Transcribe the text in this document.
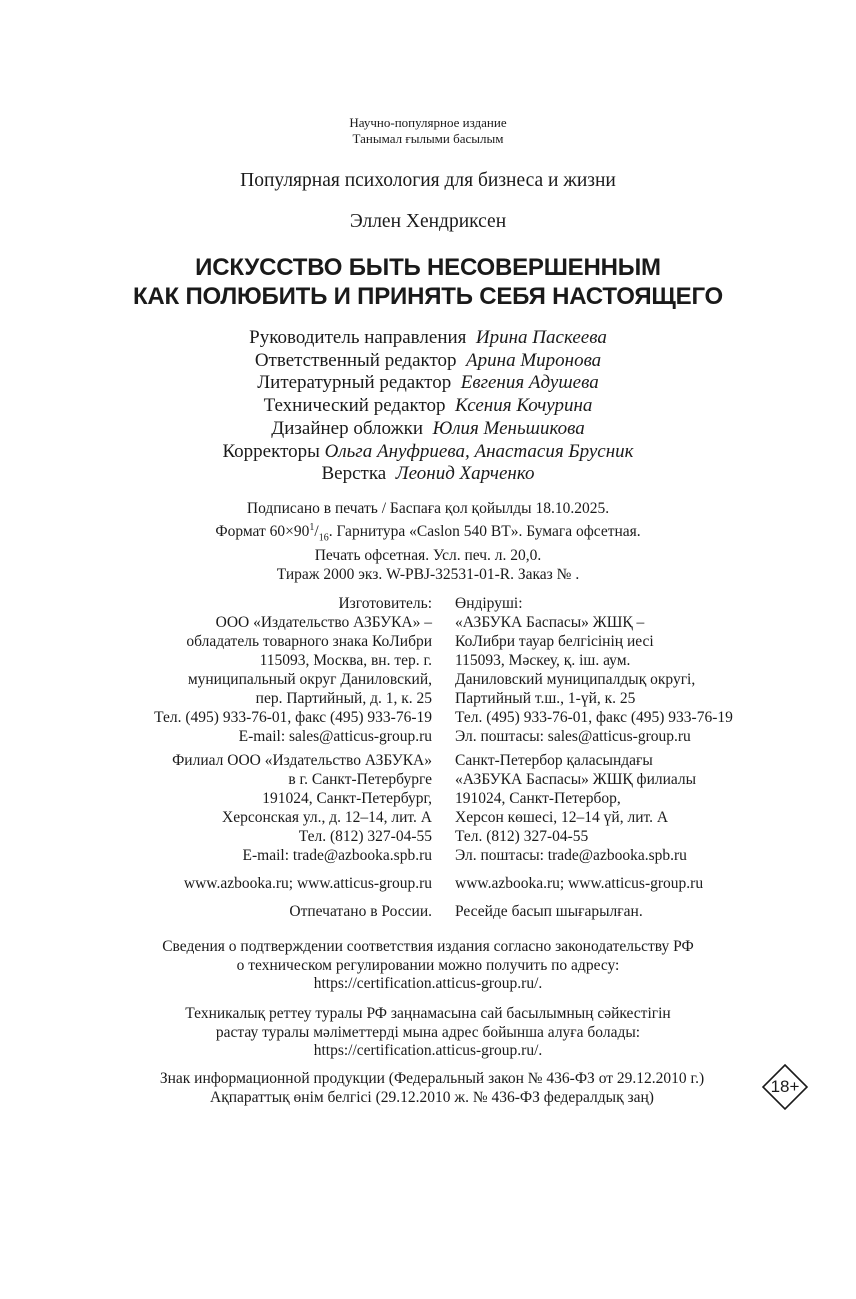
Научно-популярное издание
Танымал ғылыми басылым
Популярная психология для бизнеса и жизни
Эллен Хендриксен
ИСКУССТВО БЫТЬ НЕСОВЕРШЕННЫМ
КАК ПОЛЮБИТЬ И ПРИНЯТЬ СЕБЯ НАСТОЯЩЕГО
Руководитель направления Ирина Паскеева
Ответственный редактор Арина Миронова
Литературный редактор Евгения Адушева
Технический редактор Ксения Кочурина
Дизайнер обложки Юлия Меньшикова
Корректоры Ольга Ануфриева, Анастасия Брусник
Верстка Леонид Харченко
Подписано в печать / Баспаға қол қойылды 18.10.2025.
Формат $60\times 90^1/_{16}$. Гарнитура «Caslon 540 BT». Бумага офсетная.
Печать офсетная. Усл. печ. л. 20,0.
Тираж 2000 экз. W-PBJ-32531-01-R. Заказ № .
Изготовитель:
ООО «Издательство АЗБУКА» –
обладатель товарного знака КоЛибри
115093, Москва, вн. тер. г.
муниципальный округ Даниловский,
пер. Партийный, д. 1, к. 25
Тел. (495) 933-76-01, факс (495) 933-76-19
E-mail: sales@atticus-group.ru
Өндіруші:
«АЗБУКА Баспасы» ЖШҚ –
КоЛибри тауар белгісінің иесі
115093, Мәскеу, қ. іш. аум.
Даниловский муниципалдық округі,
Партийный т.ш., 1-үй, к. 25
Тел. (495) 933-76-01, факс (495) 933-76-19
Эл. поштасы: sales@atticus-group.ru
Филиал ООО «Издательство АЗБУКА»
в г. Санкт-Петербурге
191024, Санкт-Петербург,
Херсонская ул., д. 12–14, лит. А
Тел. (812) 327-04-55
E-mail: trade@azbooka.spb.ru
Санкт-Петербор қаласындағы
«АЗБУКА Баспасы» ЖШҚ филиалы
191024, Санкт-Петербор,
Херсон көшесі, 12–14 үй, лит. А
Тел. (812) 327-04-55
Эл. поштасы: trade@azbooka.spb.ru
www.azbooka.ru; www.atticus-group.ru www.azbooka.ru; www.atticus-group.ru
Отпечатано в России. Ресейде басып шығарылған.
Сведения о подтверждении соответствия издания согласно законодательству РФ
о техническом регулировании можно получить по адресу:
https://certification.atticus-group.ru/.
Техникалық реттеу туралы РФ заңнамасына сай басылымның сәйкестігін
растау туралы мәліметтерді мына адрес бойынша алуға болады:
https://certification.atticus-group.ru/.
Знак информационной продукции (Федеральный закон № 436-ФЗ от 29.12.2010 г.)
Ақпараттық өнім белгісі (29.12.2010 ж. № 436-ФЗ федералдық заң)
18+
